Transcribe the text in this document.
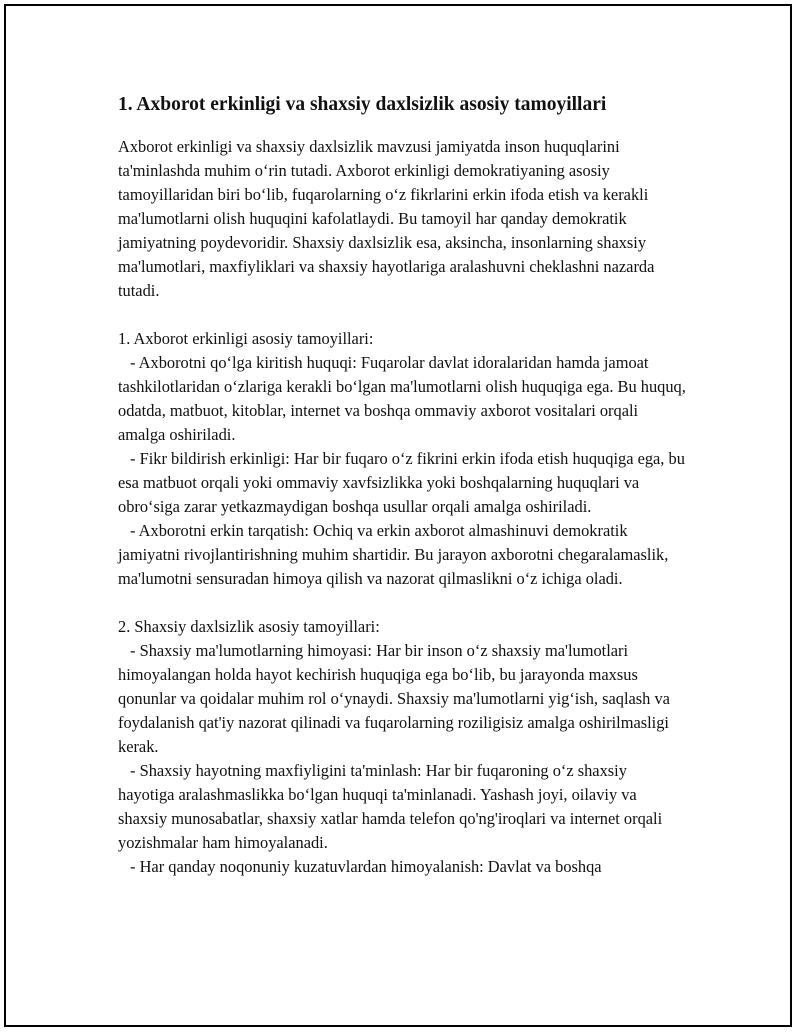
1. Axborot erkinligi va shaxsiy daxlsizlik asosiy tamoyillari

Axborot erkinligi va shaxsiy daxlsizlik mavzusi jamiyatda inson huquqlarini ta'minlashda muhim o‘rin tutadi. Axborot erkinligi demokratiyaning asosiy tamoyillaridan biri bo‘lib, fuqarolarning o‘z fikrlarini erkin ifoda etish va kerakli ma'lumotlarni olish huquqini kafolatlaydi. Bu tamoyil har qanday demokratik jamiyatning poydevoridir. Shaxsiy daxlsizlik esa, aksincha, insonlarning shaxsiy ma'lumotlari, maxfiyliklari va shaxsiy hayotlariga aralashuvni cheklashni nazarda tutadi.

1. Axborot erkinligi asosiy tamoyillari:

- Axborotni qo‘lga kiritish huquqi: Fuqarolar davlat idoralaridan hamda jamoat tashkilotlaridan o‘zlariga kerakli bo‘lgan ma'lumotlarni olish huquqiga ega. Bu huquq, odatda, matbuot, kitoblar, internet va boshqa ommaviy axborot vositalari orqali amalga oshiriladi.

- Fikr bildirish erkinligi: Har bir fuqaro o‘z fikrini erkin ifoda etish huquqiga ega, bu esa matbuot orqali yoki ommaviy xavfsizlikka yoki boshqalarning huquqlari va obro‘siga zarar yetkazmaydigan boshqa usullar orqali amalga oshiriladi.

- Axborotni erkin tarqatish: Ochiq va erkin axborot almashinuvi demokratik jamiyatni rivojlantirishning muhim shartidir. Bu jarayon axborotni chegaralamaslik, ma'lumotni sensuradan himoya qilish va nazorat qilmaslikni o‘z ichiga oladi.

2. Shaxsiy daxlsizlik asosiy tamoyillari:

- Shaxsiy ma'lumotlarning himoyasi: Har bir inson o‘z shaxsiy ma'lumotlari himoyalangan holda hayot kechirish huquqiga ega bo‘lib, bu jarayonda maxsus qonunlar va qoidalar muhim rol o‘ynaydi. Shaxsiy ma'lumotlarni yig‘ish, saqlash va foydalanish qat'iy nazorat qilinadi va fuqarolarning roziligisiz amalga oshirilmasligi kerak.

- Shaxsiy hayotning maxfiyligini ta'minlash: Har bir fuqaroning o‘z shaxsiy hayotiga aralashmaslikka bo‘lgan huquqi ta'minlanadi. Yashash joyi, oilaviy va shaxsiy munosabatlar, shaxsiy xatlar hamda telefon qo'ng'iroqlari va internet orqali yozishmalar ham himoyalanadi.

- Har qanday noqonuniy kuzatuvlardan himoyalanish: Davlat va boshqa
